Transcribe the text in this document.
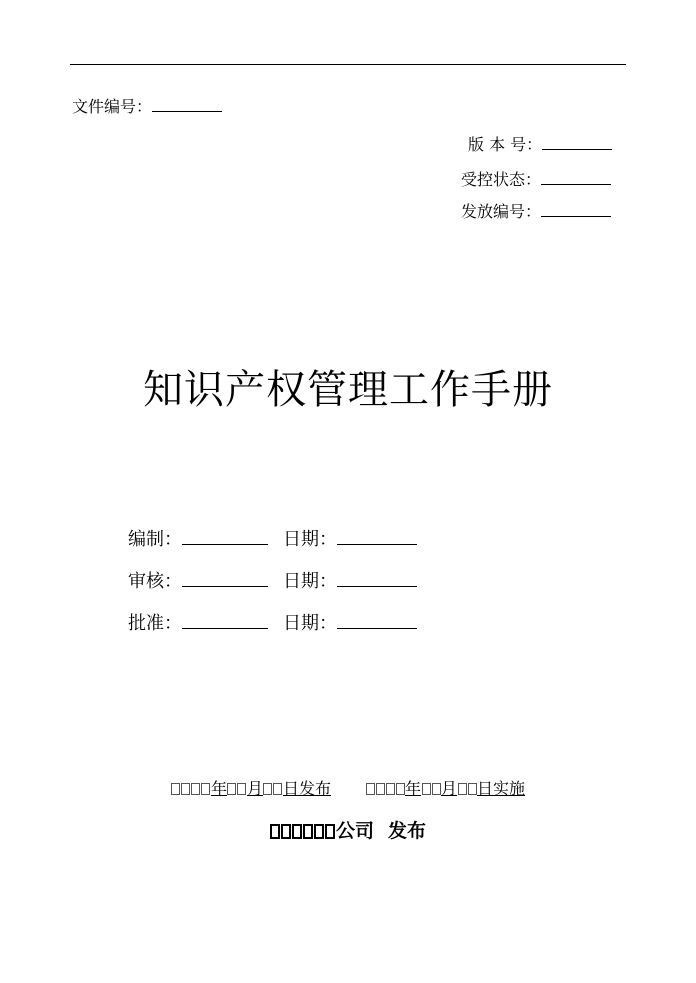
文件编号：
版 本 号：
受控状态：
发放编号：
知识产权管理工作手册
编制：	日期：
审核：	日期：
批准：	日期：
年 月 日发布	年 月 日实施
公司 发布
